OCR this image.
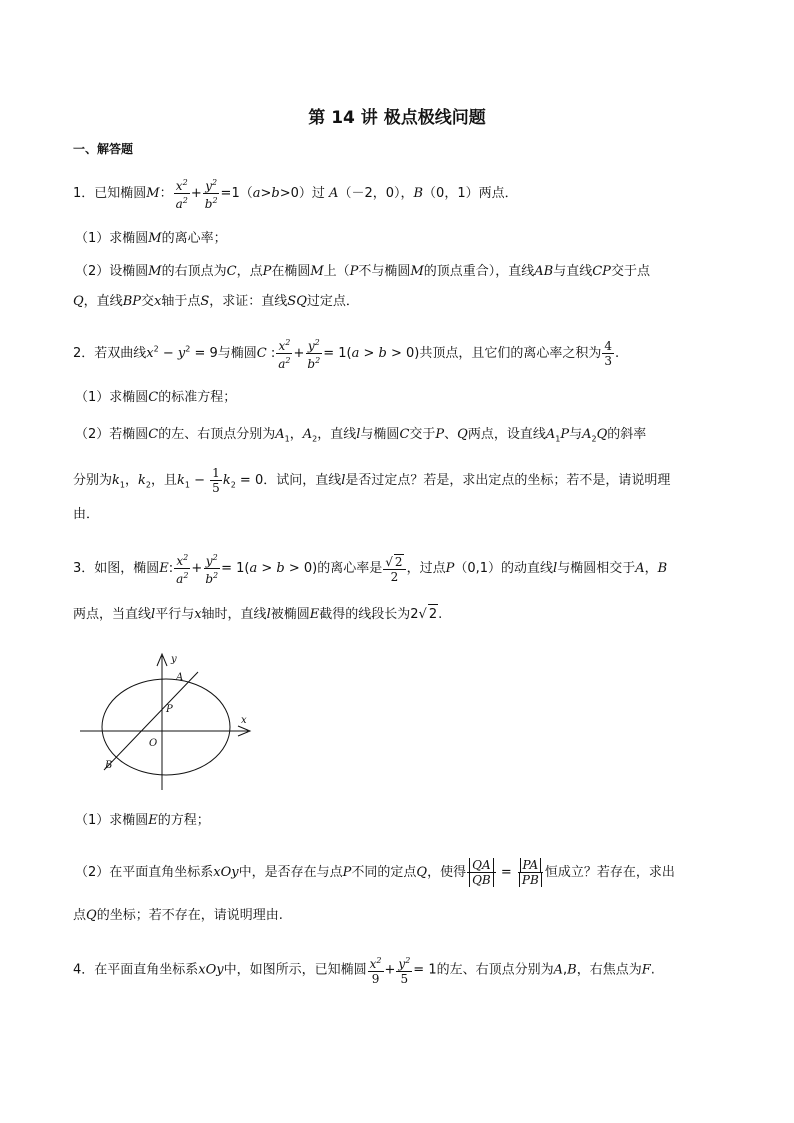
第 14 讲 极点极线问题
一、解答题
1．已知椭圆M： $\frac{x^2}{a^2} + \frac{y^2}{b^2} =1(a>b>0)$过 A（－2，0），B（0，1）两点．
（1）求椭圆M的离心率；
（2）设椭圆M的右顶点为C，点P在椭圆M上（P不与椭圆M的顶点重合），直线AB与直线CP交于点
Q，直线BP交x轴于点S，求证：直线SQ过定点．
2．若双曲线$x^2 - y^2 = 9$与椭圆C : $\frac{x^2}{a^2} + \frac{y^2}{b^2} = 1(a > b > 0)$共顶点，且它们的离心率之积为 $\frac{4}{3}$ .
（1）求椭圆C的标准方程；
（2）若椭圆C的左、右顶点分别为$A_1$，$A_2$，直线l与椭圆C交于P、Q两点，设直线$A_1P$与$A_2Q$的斜率
分别为$k_1$，$k_2$，且$k_1 - \frac{1}{5} k_2 = 0$．试问，直线l是否过定点？若是，求出定点的坐标；若不是，请说明理
由．
3．如图，椭圆E: $\frac{x^2}{a^2} + \frac{y^2}{b^2} = 1(a > b > 0)$的离心率是 $\frac{√ 2}{2}$ ，过点P（0,1）的动直线l与椭圆相交于A，B
两点，当直线l平行与x轴时，直线l被椭圆E截得的线段长为2√ 2.
y
x
A
P
O
B
（1）求椭圆E的方程；
（2）在平面直角坐标系xOy中，是否存在与点P不同的定点Q，使得 $\frac{QA}{QB} = \frac{PA}{PB}$ 恒成立？若存在，求出
点Q的坐标；若不存在，请说明理由.
4．在平面直角坐标系xOy中，如图所示，已知椭圆 $\frac{x^2}{9} + \frac{y^2}{5} = 1$的左、右顶点分别为A,B，右焦点为F.
